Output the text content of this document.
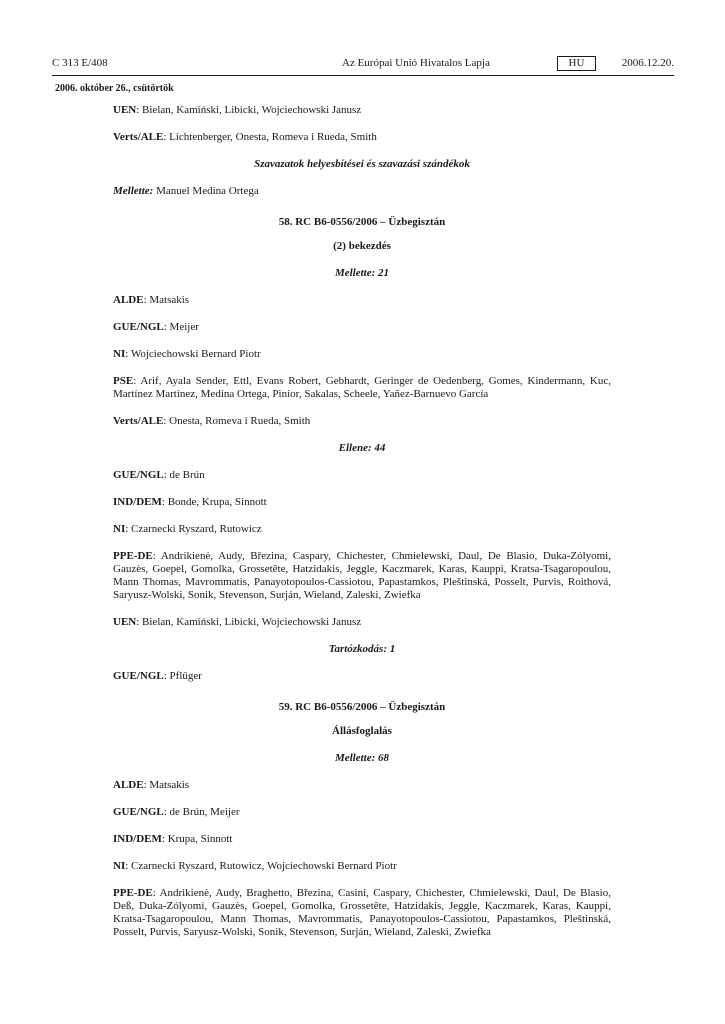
C 313 E/408	Az Európai Unió Hivatalos Lapja	HU	2006.12.20.
2006. október 26., csütörtök

UEN: Bielan, Kamiński, Libicki, Wojciechowski Janusz

Verts/ALE: Lichtenberger, Onesta, Romeva i Rueda, Smith

Szavazatok helyesbítései és szavazási szándékok

Mellette: Manuel Medina Ortega

58. RC B6-0556/2006 – Üzbegisztán

(2) bekezdés

Mellette: 21

ALDE: Matsakis

GUE/NGL: Meijer

NI: Wojciechowski Bernard Piotr

PSE: Arif, Ayala Sender, Ettl, Evans Robert, Gebhardt, Geringer de Oedenberg, Gomes, Kindermann, Kuc, Martínez Martínez, Medina Ortega, Pinior, Sakalas, Scheele, Yañez-Barnuevo García

Verts/ALE: Onesta, Romeva i Rueda, Smith

Ellene: 44

GUE/NGL: de Brún

IND/DEM: Bonde, Krupa, Sinnott

NI: Czarnecki Ryszard, Rutowicz

PPE-DE: Andrikienė, Audy, Březina, Caspary, Chichester, Chmielewski, Daul, De Blasio, Duka-Zólyomi, Gauzès, Goepel, Gomolka, Grossetête, Hatzidakis, Jeggle, Kaczmarek, Karas, Kauppi, Kratsa-Tsagaropoulou, Mann Thomas, Mavrommatis, Panayotopoulos-Cassiotou, Papastamkos, Pleštinská, Posselt, Purvis, Roithová, Saryusz-Wolski, Sonik, Stevenson, Surján, Wieland, Zaleski, Zwiefka

UEN: Bielan, Kamiński, Libicki, Wojciechowski Janusz

Tartózkodás: 1

GUE/NGL: Pflüger

59. RC B6-0556/2006 – Üzbegisztán

Állásfoglalás

Mellette: 68

ALDE: Matsakis

GUE/NGL: de Brún, Meijer

IND/DEM: Krupa, Sinnott

NI: Czarnecki Ryszard, Rutowicz, Wojciechowski Bernard Piotr

PPE-DE: Andrikienė, Audy, Braghetto, Březina, Casini, Caspary, Chichester, Chmielewski, Daul, De Blasio, Deß, Duka-Zólyomi, Gauzès, Goepel, Gomolka, Grossetête, Hatzidakis, Jeggle, Kaczmarek, Karas, Kauppi, Kratsa-Tsagaropoulou, Mann Thomas, Mavrommatis, Panayotopoulos-Cassiotou, Papastamkos, Pleštinská, Posselt, Purvis, Saryusz-Wolski, Sonik, Stevenson, Surján, Wieland, Zaleski, Zwiefka
